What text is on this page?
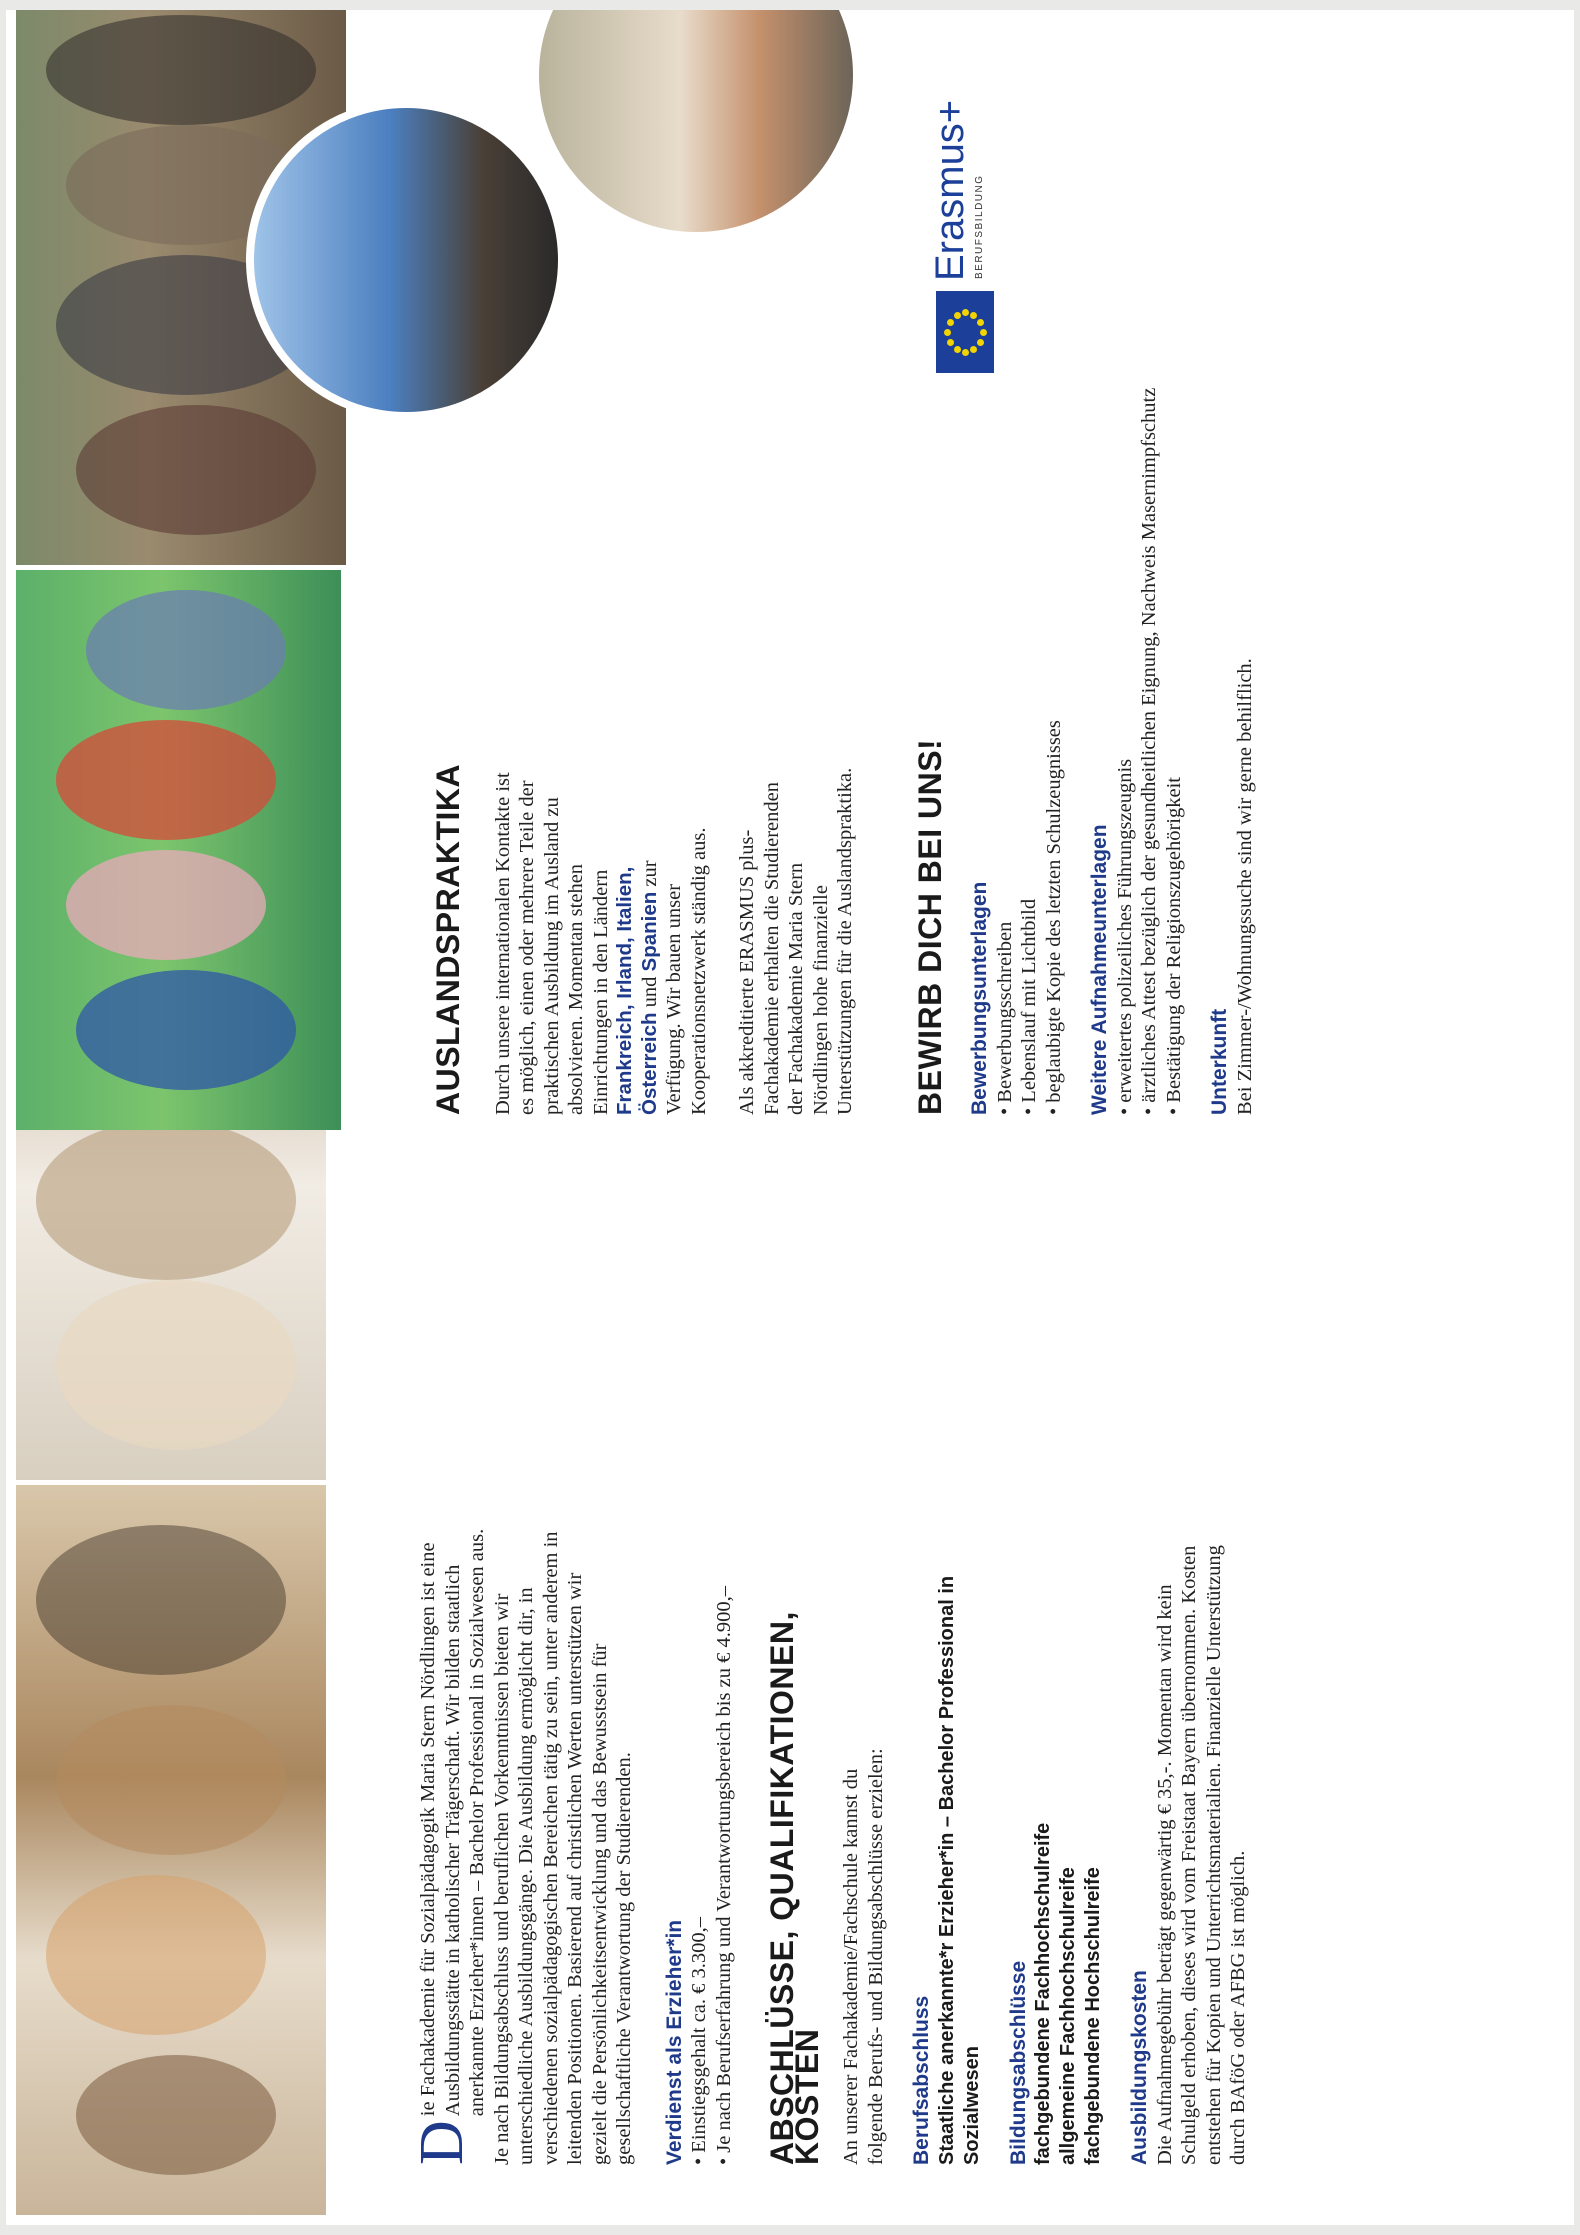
D
ie Fachakademie für Sozialpädagogik Maria Stern Nördlingen ist eine Ausbildungsstätte in katholischer Trägerschaft. Wir bilden staatlich anerkannte Erzieher*innen – Bachelor Professional in Sozialwesen aus. Je nach Bildungsabschluss und beruflichen Vorkenntnissen bieten wir unterschiedliche Ausbildungsgänge. Die Ausbildung ermöglicht dir, in verschiedenen sozialpädagogischen Bereichen tätig zu sein, unter anderem in leitenden Positionen. Basierend auf christlichen Werten unterstützen wir gezielt die Persönlichkeitsentwicklung und das Bewusstsein für gesellschaftliche Verantwortung der Studierenden. Verdienst als Erzieher*in • Einstiegsgehalt ca. € 3.300,–

• Je nach Berufserfahrung und Verantwortungsbereich bis zu € 4.900,– ABSCHLÜSSE, QUALIFIKATIONEN, KOSTEN An unserer Fachakademie/Fachschule kannst du folgende Berufs- und Bildungsabschlüsse erzielen: Berufsabschluss Staatliche anerkannte*r Erzieher*in – Bachelor Professional in Sozialwesen Bildungsabschlüsse fachgebundene Fachhochschulreife allgemeine Fachhochschulreife fachgebundene Hochschulreife Ausbildungskosten Die Aufnahmegebühr beträgt gegenwärtig € 35,-. Momentan wird kein Schulgeld erhoben, dieses wird vom Freistaat Bayern übernommen. Kosten entstehen für Kopien und Unterrichtsmaterialien. Finanzielle Unterstützung durch BAföG oder AFBG ist möglich.

AUSLANDSPRAKTIKA Durch unsere internationalen Kontakte ist es möglich, einen oder mehrere Teile der praktischen Ausbildung im Ausland zu absolvieren. Momentan stehen Einrichtungen in den Ländern Frankreich, Irland, Italien, Österreich und Spanien zur Verfügung. Wir bauen unser Kooperationsnetzwerk ständig aus. Als akkreditierte ERASMUS plus-Fachakademie erhalten die Studierenden der Fachakademie Maria Stern Nördlingen hohe finanzielle Unterstützungen für die Auslandspraktika. BEWIRB DICH BEI UNS! Bewerbungsunterlagen • Bewerbungsschreiben

• Lebenslauf mit Lichtbild

• beglaubigte Kopie des letzten Schulzeugnisses Weitere Aufnahmeunterlagen • erweitertes polizeiliches Führungszeugnis

• ärztliches Attest bezüglich der gesundheitlichen Eignung, Nachweis Masernimpfschutz

• Bestätigung der Religionszugehörigkeit Unterkunft Bei Zimmer-/Wohnungssuche sind wir gerne behilflich.

Erasmus+ BERUFSBILDUNG
